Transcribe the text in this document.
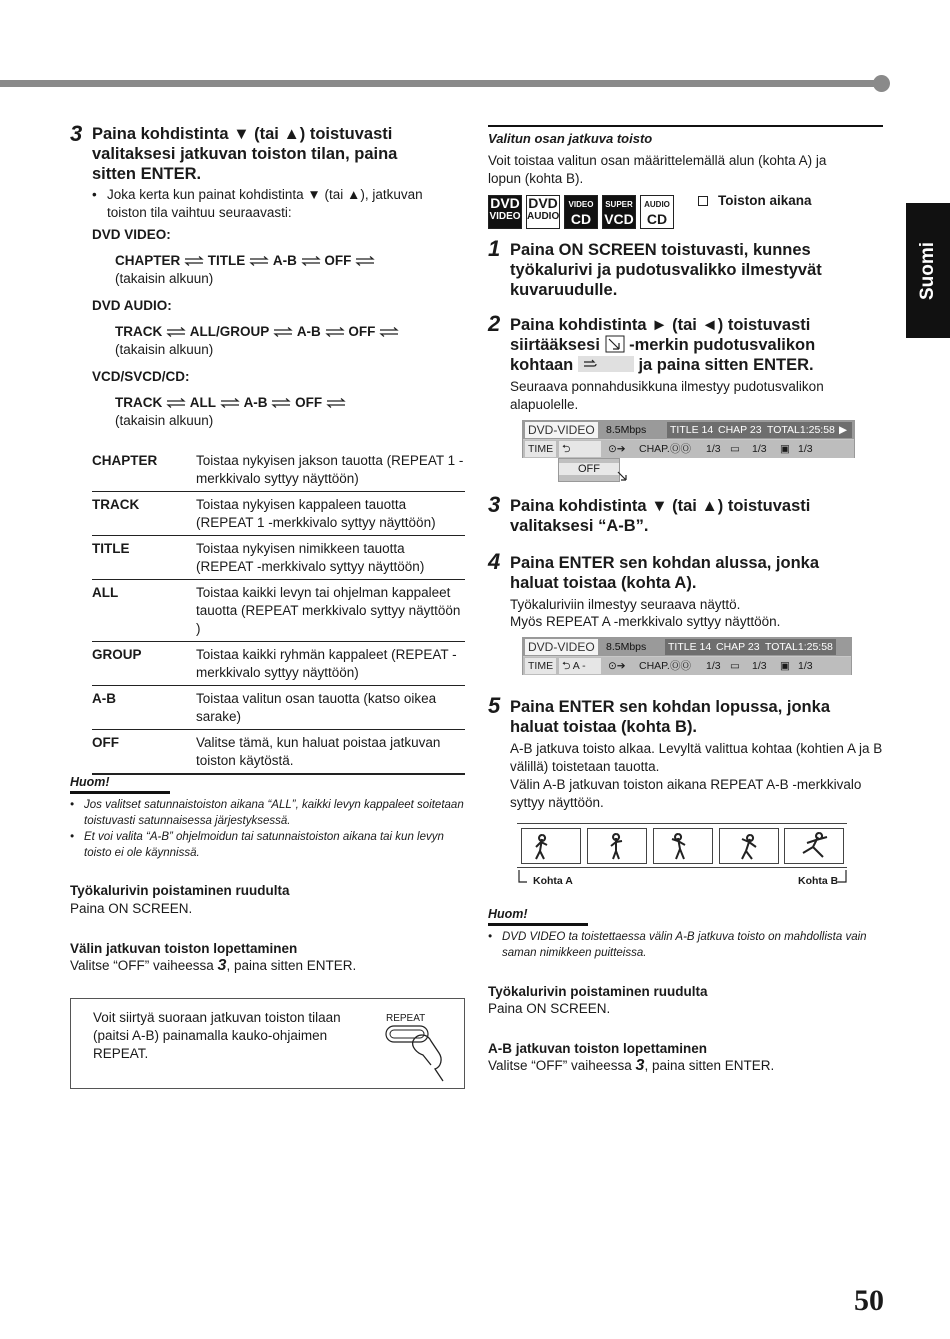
Suomi
3 Paina kohdistinta ▼ (tai ▲) toistuvasti valitaksesi jatkuvan toiston tilan, paina sitten ENTER.
• Joka kerta kun painat kohdistinta ▼ (tai ▲), jatkuvan toiston tila vaihtuu seuraavasti:
DVD VIDEO:
CHAPTER TITLE A-B OFF
(takaisin alkuun)
DVD AUDIO:
TRACK ALL/GROUP A-B OFF
(takaisin alkuun)
VCD/SVCD/CD:
TRACK ALL A-B OFF
(takaisin alkuun)
CHAPTER	Toistaa nykyisen jakson tauotta (REPEAT 1 -merkkivalo syttyy näyttöön)
TRACK	Toistaa nykyisen kappaleen tauotta (REPEAT 1 -merkkivalo syttyy näyttöön)
TITLE	Toistaa nykyisen nimikkeen tauotta (REPEAT -merkkivalo syttyy näyttöön)
ALL	Toistaa kaikki levyn tai ohjelman kappaleet tauotta (REPEAT merkkivalo syttyy näyttöön )
GROUP	Toistaa kaikki ryhmän kappaleet (REPEAT -merkkivalo syttyy näyttöön)
A-B	Toistaa valitun osan tauotta (katso oikea sarake)
OFF	Valitse tämä, kun haluat poistaa jatkuvan toiston käytöstä.
Huom!
• Jos valitset satunnaistoiston aikana “ALL”, kaikki levyn kappaleet soitetaan toistuvasti satunnaisessa järjestyksessä.
• Et voi valita “A-B” ohjelmoidun tai satunnaistoiston aikana tai kun levyn toisto ei ole käynnissä.
Työkalurivin poistaminen ruudulta
Paina ON SCREEN.
Välin jatkuvan toiston lopettaminen
Valitse “OFF” vaiheessa 3, paina sitten ENTER.
Voit siirtyä suoraan jatkuvan toiston tilaan (paitsi A-B) painamalla kauko-ohjaimen REPEAT.
REPEAT
Valitun osan jatkuva toisto
Voit toistaa valitun osan määrittelemällä alun (kohta A) ja lopun (kohta B).
DVD
VIDEO
DVD
AUDIO
VIDEO
CD
SUPER
VCD
AUDIO
CD
Toiston aikana
1 Paina ON SCREEN toistuvasti, kunnes työkalurivi ja pudotusvalikko ilmestyvät kuvaruudulle.
2 Paina kohdistinta ► (tai ◄) toistuvasti
siirtääksesi -merkin pudotusvalikon
kohtaan	ja paina sitten ENTER.
Seuraava ponnahdusikkuna ilmestyy pudotusvalikon alapuolelle.
DVD-VIDEO 8.5Mbps TITLE 14 CHAP 23 TOTAL1:25:58 ▶
TIME ⮌	⊙➔ CHAP. ⓄⓄ 1/3 ▭ 1/3 ▣ 1/3
OFF
3 Paina kohdistinta ▼ (tai ▲) toistuvasti valitaksesi “A-B”.
4 Paina ENTER sen kohdan alussa, jonka haluat toistaa (kohta A).
Työkaluriviin ilmestyy seuraava näyttö.
Myös REPEAT A -merkkivalo syttyy näyttöön.
DVD-VIDEO 8.5Mbps TITLE 14 CHAP 23 TOTAL1:25:58
TIME ⮌ A -	⊙➔ CHAP. ⓄⓄ 1/3 ▭ 1/3 ▣ 1/3
5 Paina ENTER sen kohdan lopussa, jonka haluat toistaa (kohta B).
A-B jatkuva toisto alkaa. Levyltä valittua kohtaa (kohtien A ja B välillä) toistetaan tauotta.
Välin A-B jatkuvan toiston aikana REPEAT A-B -merkkivalo syttyy näyttöön.
Kohta A	Kohta B
Huom!
• DVD VIDEO ta toistettaessa välin A-B jatkuva toisto on mahdollista vain saman nimikkeen puitteissa.
Työkalurivin poistaminen ruudulta
Paina ON SCREEN.
A-B jatkuvan toiston lopettaminen
Valitse “OFF” vaiheessa 3, paina sitten ENTER.
50
